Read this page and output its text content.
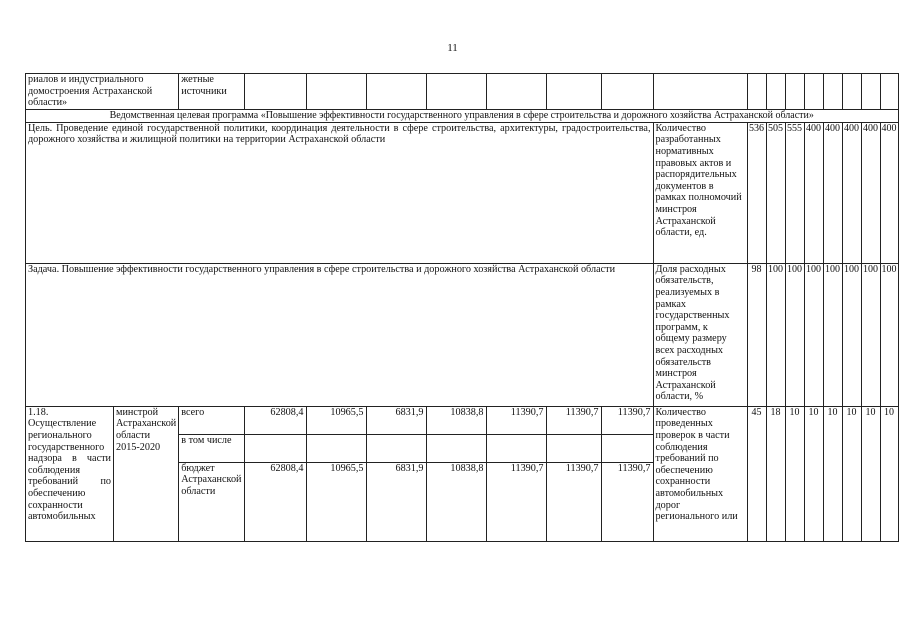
11
риалов и индустриального домостроения Астраханской области»		жетные источники																
Ведомственная целевая программа «Повышение эффективности государственного управления в сфере строительства и дорожного хозяйства Астраханской области»																		
Цель. Проведение единой государственной политики, координация деятельности в сфере строительства, архитектуры, градостроительства, дорожного хозяйства и жилищной политики на территории Астраханской области										Количество разработанных нормативных правовых актов и распорядительных документов в рамках полномочий минстроя Астраханской области, ед.	536	505	555	400	400	400	400	400
Задача. Повышение эффективности государственного управления в сфере строительства и дорожного хозяйства Астраханской области										Доля расходных обязательств, реализуемых в рамках государственных программ, к общему размеру всех расходных обязательств минстроя Астраханской области, %	98	100	100	100	100	100	100	100
1.18. Осуществление регионального государственного надзора в части соблюдения требований по обеспечению сохранности автомобильных	минстрой Астраханской области 2015-2020	всего	62808,4	10965,5	6831,9	10838,8	11390,7	11390,7	11390,7	Количество проведенных проверок в части соблюдения требований по обеспечению сохранности автомобильных дорог регионального или	45	18	10	10	10	10	10	10
		в том числе																
		бюджет Астраханской области	62808,4	10965,5	6831,9	10838,8	11390,7	11390,7	11390,7									
